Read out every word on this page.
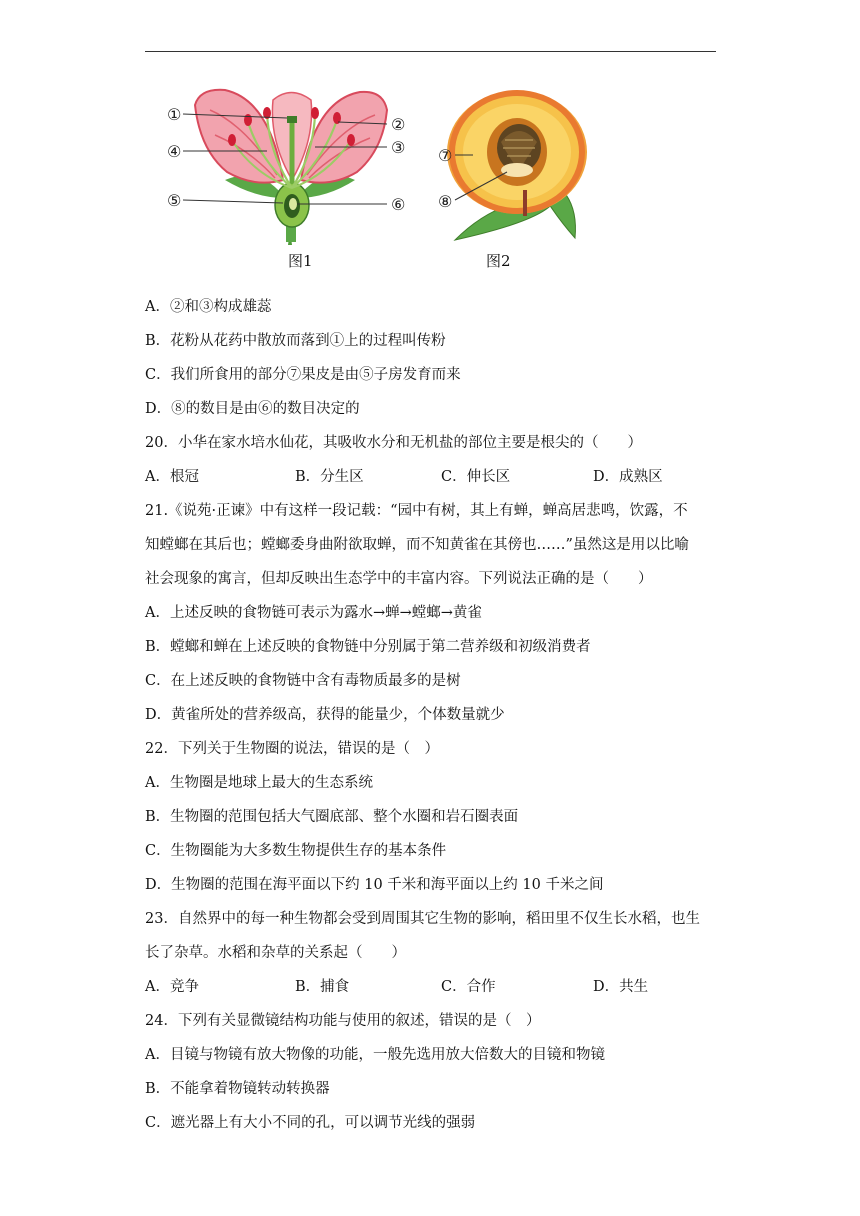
①
②
③
④
⑤	⑥
⑦
⑧
图1	图2
A．②和③构成雄蕊
B．花粉从花药中散放而落到①上的过程叫传粉
C．我们所食用的部分⑦果皮是由⑤子房发育而来
D．⑧的数目是由⑥的数目决定的
20．小华在家水培水仙花，其吸收水分和无机盐的部位主要是根尖的（　　）
A．根冠	B．分生区	C．伸长区	D．成熟区
21.《说苑·正谏》中有这样一段记载：“园中有树，其上有蝉，蝉高居悲鸣，饮露，不
知螳螂在其后也；螳螂委身曲附欲取蝉，而不知黄雀在其傍也……”虽然这是用以比喻
社会现象的寓言，但却反映出生态学中的丰富内容。下列说法正确的是（　　）
A．上述反映的食物链可表示为露水→蝉→螳螂→黄雀
B．螳螂和蝉在上述反映的食物链中分别属于第二营养级和初级消费者
C．在上述反映的食物链中含有毒物质最多的是树
D．黄雀所处的营养级高，获得的能量少，个体数量就少
22．下列关于生物圈的说法，错误的是（　）
A．生物圈是地球上最大的生态系统
B．生物圈的范围包括大气圈底部、整个水圈和岩石圈表面
C．生物圈能为大多数生物提供生存的基本条件
D．生物圈的范围在海平面以下约 10 千米和海平面以上约 10 千米之间
23．自然界中的每一种生物都会受到周围其它生物的影响，稻田里不仅生长水稻，也生
长了杂草。水稻和杂草的关系起（　　）
A．竞争	B．捕食	C．合作	D．共生
24．下列有关显微镜结构功能与使用的叙述，错误的是（　）
A．目镜与物镜有放大物像的功能，一般先选用放大倍数大的目镜和物镜
B．不能拿着物镜转动转换器
C．遮光器上有大小不同的孔，可以调节光线的强弱
